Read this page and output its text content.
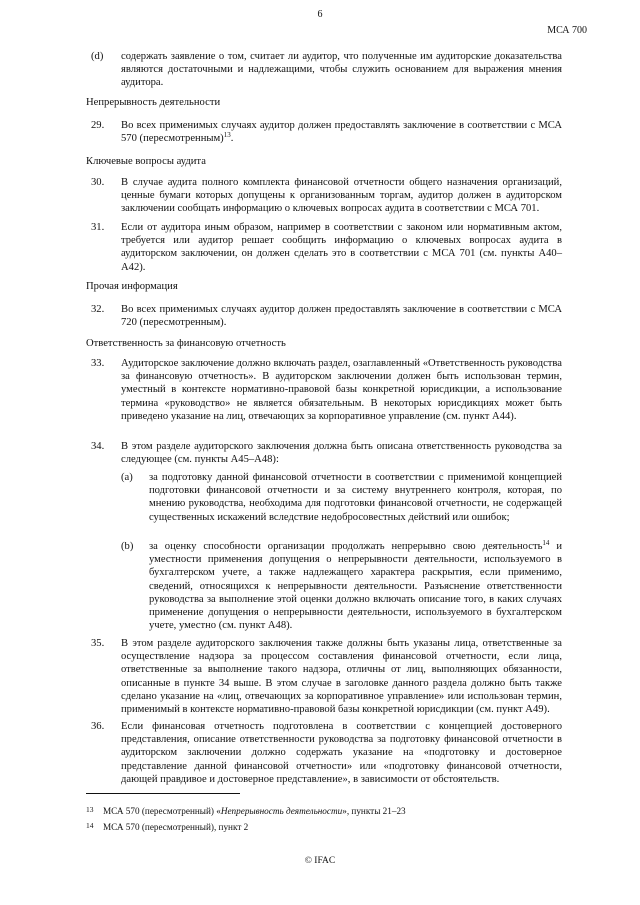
6
МСА 700
(d)	содержать заявление о том, считает ли аудитор, что полученные им аудиторские доказательства являются достаточными и надлежащими, чтобы служить основанием для выражения мнения аудитора.
Непрерывность деятельности
29.	Во всех применимых случаях аудитор должен предоставлять заключение в соответствии с МСА 570 (пересмотренным)$^{13}$.
Ключевые вопросы аудита
30.	В случае аудита полного комплекта финансовой отчетности общего назначения организаций, ценные бумаги которых допущены к организованным торгам, аудитор должен в аудиторском заключении сообщать информацию о ключевых вопросах аудита в соответствии с МСА 701.
31.	Если от аудитора иным образом, например в соответствии с законом или нормативным актом, требуется или аудитор решает сообщить информацию о ключевых вопросах аудита в аудиторском заключении, он должен сделать это в соответствии с МСА 701 (см. пункты А40–А42).
Прочая информация
32.	Во всех применимых случаях аудитор должен предоставлять заключение в соответствии с МСА 720 (пересмотренным).
Ответственность за финансовую отчетность
33.	Аудиторское заключение должно включать раздел, озаглавленный «Ответственность руководства за финансовую отчетность». В аудиторском заключении должен быть использован термин, уместный в контексте нормативно-правовой базы конкретной юрисдикции, а использование термина «руководство» не является обязательным. В некоторых юрисдикциях может быть приведено указание на лиц, отвечающих за корпоративное управление (см. пункт А44).
34.	В этом разделе аудиторского заключения должна быть описана ответственность руководства за следующее (см. пункты А45–А48):
(a)	за подготовку данной финансовой отчетности в соответствии с применимой концепцией подготовки финансовой отчетности и за систему внутреннего контроля, которая, по мнению руководства, необходима для подготовки финансовой отчетности, не содержащей существенных искажений вследствие недобросовестных действий или ошибок;
(b)	за оценку способности организации продолжать непрерывно свою деятельность$^{14}$ и уместности применения допущения о непрерывности деятельности, используемого в бухгалтерском учете, а также надлежащего характера раскрытия, если применимо, сведений, относящихся к непрерывности деятельности. Разъяснение ответственности руководства за выполнение этой оценки должно включать описание того, в каких случаях применение допущения о непрерывности деятельности, используемого в бухгалтерском учете, уместно (см. пункт А48).
35.	В этом разделе аудиторского заключения также должны быть указаны лица, ответственные за осуществление надзора за процессом составления финансовой отчетности, если лица, ответственные за выполнение такого надзора, отличны от лиц, выполняющих обязанности, описанные в пункте 34 выше. В этом случае в заголовке данного раздела должно быть также сделано указание на «лиц, отвечающих за корпоративное управление» или использован термин, применимый в контексте нормативно-правовой базы конкретной юрисдикции (см. пункт А49).
36.	Если финансовая отчетность подготовлена в соответствии с концепцией достоверного представления, описание ответственности руководства за подготовку финансовой отчетности в аудиторском заключении должно содержать указание на «подготовку и достоверное представление данной финансовой отчетности» или «подготовку финансовой отчетности, дающей правдивое и достоверное представление», в зависимости от обстоятельств.
13 МСА 570 (пересмотренный) «Непрерывность деятельности», пункты 21–23
14 МСА 570 (пересмотренный), пункт 2
© IFAC
